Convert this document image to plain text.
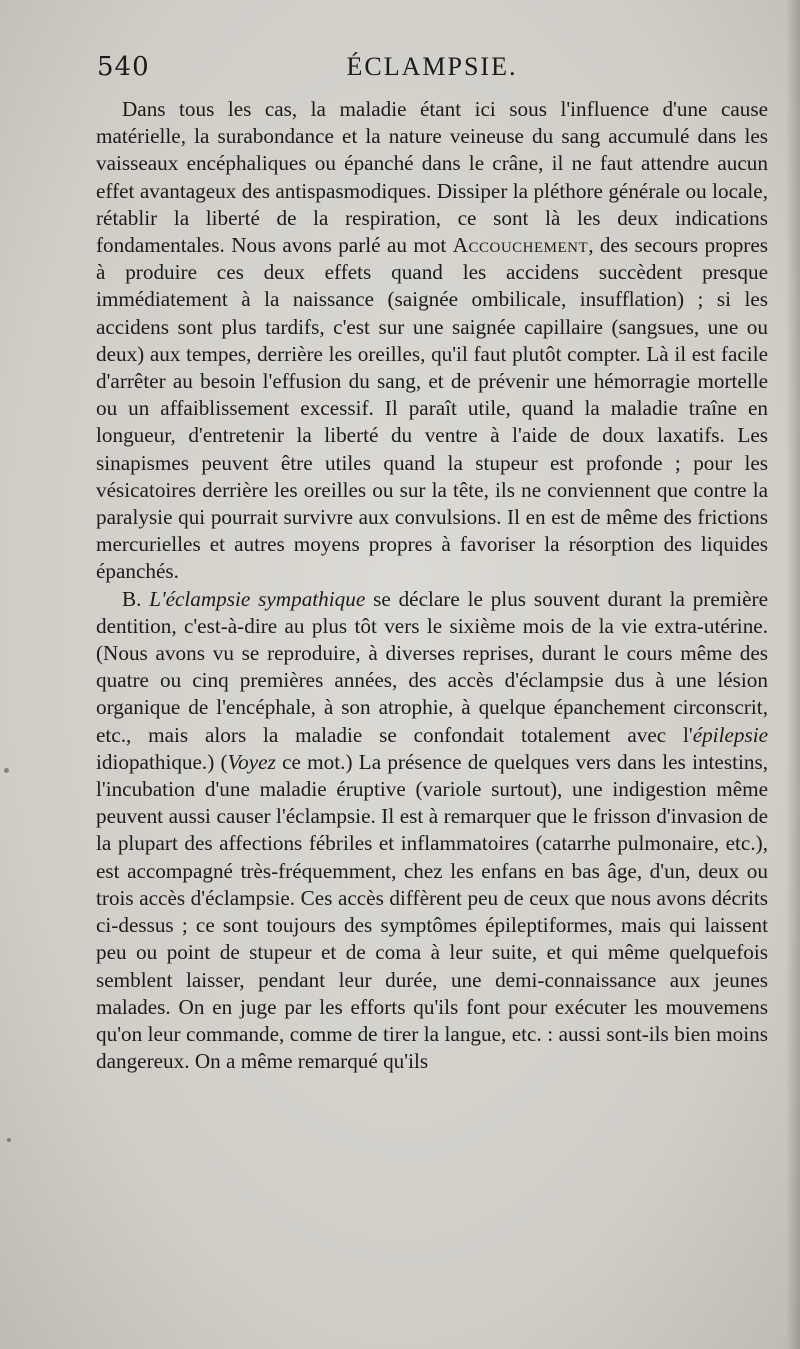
540	ÉCLAMPSIE.

Dans tous les cas, la maladie étant ici sous l'influence d'une cause matérielle, la surabondance et la nature veineuse du sang accumulé dans les vaisseaux encéphaliques ou épanché dans le crâne, il ne faut attendre aucun effet avantageux des antispasmodiques. Dissiper la pléthore générale ou locale, rétablir la liberté de la respiration, ce sont là les deux indications fondamentales. Nous avons parlé au mot Accouchement, des secours propres à produire ces deux effets quand les accidens succèdent presque immédiatement à la naissance (saignée ombilicale, insufflation) ; si les accidens sont plus tardifs, c'est sur une saignée capillaire (sangsues, une ou deux) aux tempes, derrière les oreilles, qu'il faut plutôt compter. Là il est facile d'arrêter au besoin l'effusion du sang, et de prévenir une hémorragie mortelle ou un affaiblissement excessif. Il paraît utile, quand la maladie traîne en longueur, d'entretenir la liberté du ventre à l'aide de doux laxatifs. Les sinapismes peuvent être utiles quand la stupeur est profonde ; pour les vésicatoires derrière les oreilles ou sur la tête, ils ne conviennent que contre la paralysie qui pourrait survivre aux convulsions. Il en est de même des frictions mercurielles et autres moyens propres à favoriser la résorption des liquides épanchés.

B. L'éclampsie sympathique se déclare le plus souvent durant la première dentition, c'est-à-dire au plus tôt vers le sixième mois de la vie extra-utérine. (Nous avons vu se reproduire, à diverses reprises, durant le cours même des quatre ou cinq premières années, des accès d'éclampsie dus à une lésion organique de l'encéphale, à son atrophie, à quelque épanchement circonscrit, etc., mais alors la maladie se confondait totalement avec l'épilepsie idiopathique.) (Voyez ce mot.) La présence de quelques vers dans les intestins, l'incubation d'une maladie éruptive (variole surtout), une indigestion même peuvent aussi causer l'éclampsie. Il est à remarquer que le frisson d'invasion de la plupart des affections fébriles et inflammatoires (catarrhe pulmonaire, etc.), est accompagné très-fréquemment, chez les enfans en bas âge, d'un, deux ou trois accès d'éclampsie. Ces accès diffèrent peu de ceux que nous avons décrits ci-dessus ; ce sont toujours des symptômes épileptiformes, mais qui laissent peu ou point de stupeur et de coma à leur suite, et qui même quelquefois semblent laisser, pendant leur durée, une demi-connaissance aux jeunes malades. On en juge par les efforts qu'ils font pour exécuter les mouvemens qu'on leur commande, comme de tirer la langue, etc. : aussi sont-ils bien moins dangereux. On a même remarqué qu'ils
